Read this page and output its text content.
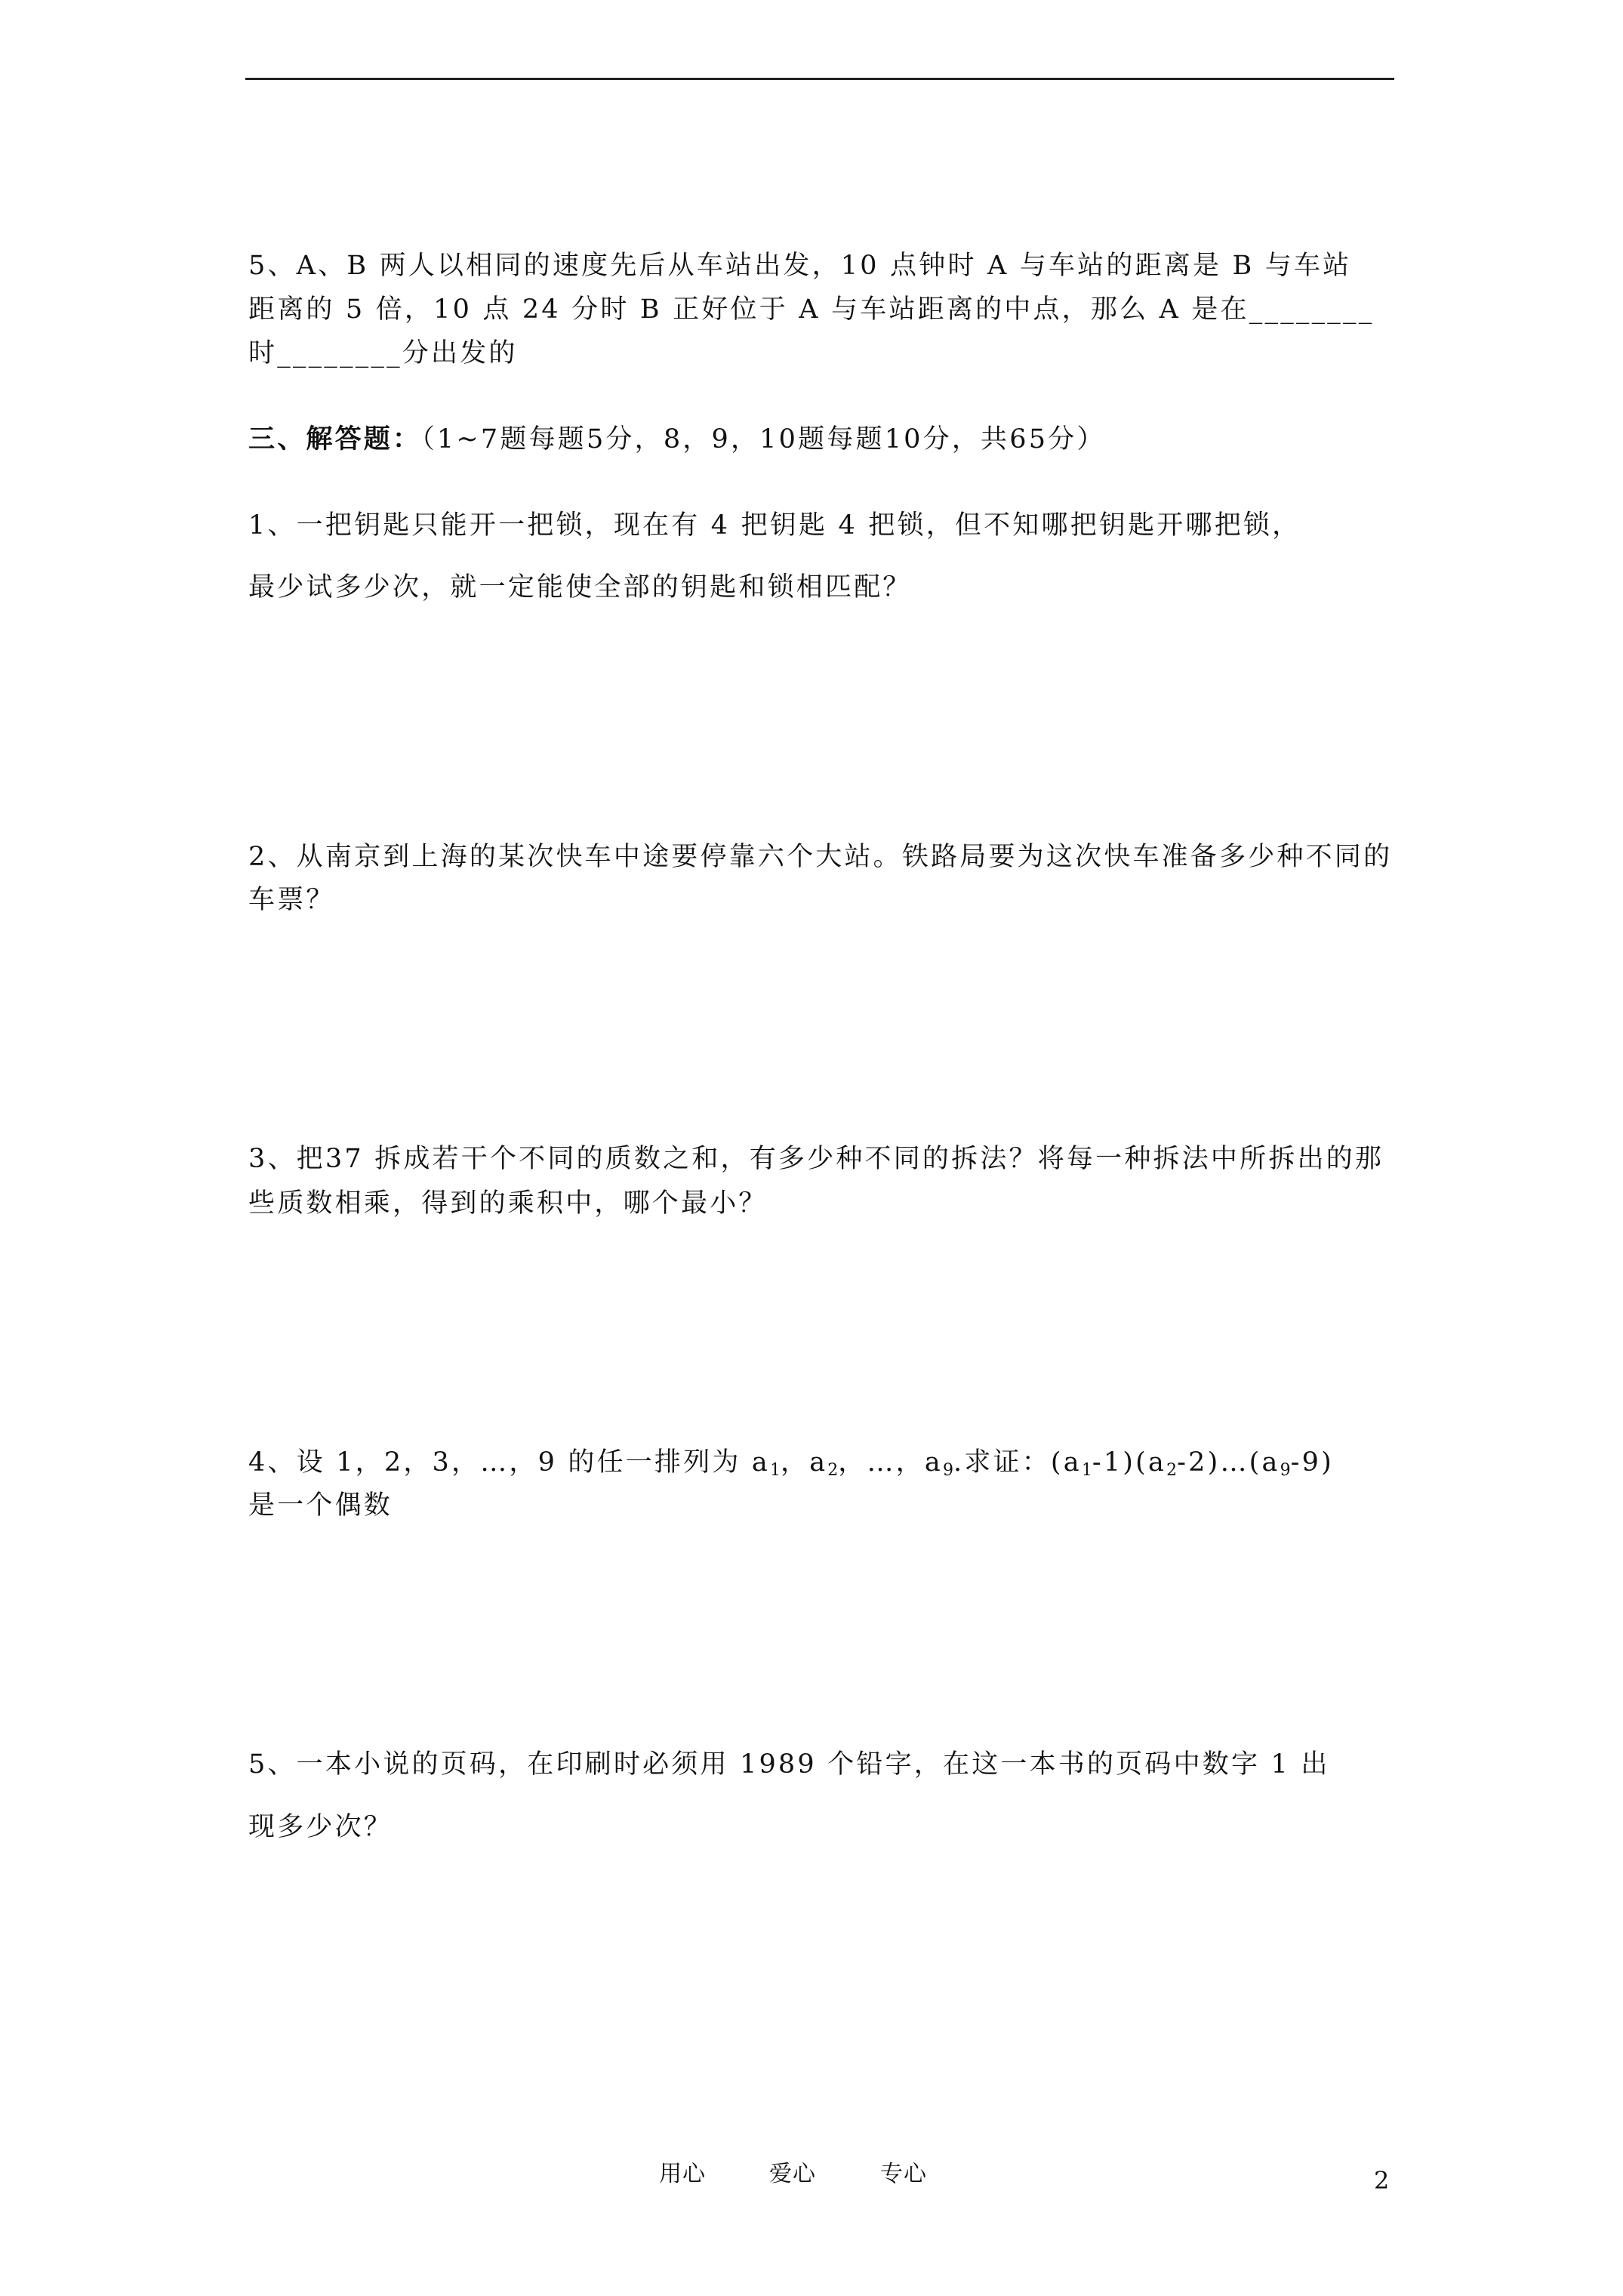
5、A、B 两人以相同的速度先后从车站出发，10 点钟时 A 与车站的距离是 B 与车站
距离的 5 倍，10 点 24 分时 B 正好位于 A 与车站距离的中点，那么 A 是在________
时________分出发的
三、解答题：（1~7题每题5分，8，9，10题每题10分，共65分）
1、一把钥匙只能开一把锁，现在有 4 把钥匙 4 把锁，但不知哪把钥匙开哪把锁，
最少试多少次，就一定能使全部的钥匙和锁相匹配？
2、从南京到上海的某次快车中途要停靠六个大站。铁路局要为这次快车准备多少种不同的
车票？
3、把37 拆成若干个不同的质数之和，有多少种不同的拆法？将每一种拆法中所拆出的那
些质数相乘，得到的乘积中，哪个最小？
4、设 1，2，3，…，9 的任一排列为 $a_1$，$a_2$，…，$a_9$.求证：$(a_1-1)(a_2-2)\dots(a_9-9)$
是一个偶数
5、一本小说的页码，在印刷时必须用 1989 个铅字，在这一本书的页码中数字 1 出
现多少次？
用心	爱心	专心	2
